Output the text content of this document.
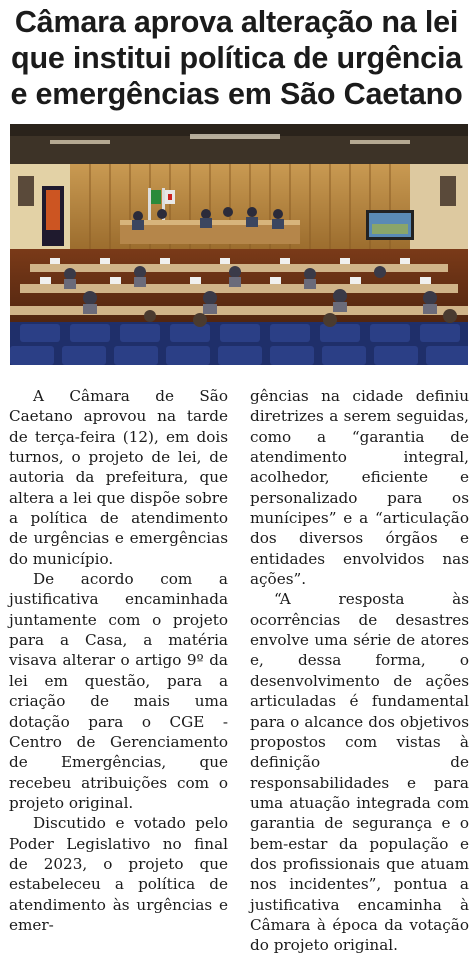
Câmara aprova alteração na lei que institui política de urgência e emergências em São Caetano

A Câmara de São Caetano aprovou na tarde de terça-feira (12), em dois turnos, o projeto de lei, de autoria da prefeitura, que altera a lei que dispõe sobre a política de atendimento de urgências e emergências do município.

De acordo com a justificativa encaminhada juntamente com o projeto para a Casa, a matéria visava alterar o artigo 9º da lei em questão, para a criação de mais uma dotação para o CGE - Centro de Gerenciamento de Emergências, que recebeu atribuições com o projeto original.

Discutido e votado pelo Poder Legislativo no final de 2023, o projeto que estabeleceu a política de atendimento às urgências e emer-

gências na cidade definiu diretrizes a serem seguidas, como a “garantia de atendimento integral, acolhedor, eficiente e personalizado para os munícipes” e a “articulação dos diversos órgãos e entidades envolvidos nas ações”.

“A resposta às ocorrências de desastres envolve uma série de atores e, dessa forma, o desenvolvimento de ações articuladas é fundamental para o alcance dos objetivos propostos com vistas à definição de responsabilidades e para uma atuação integrada com garantia de segurança e o bem-estar da população e dos profissionais que atuam nos incidentes”, pontua a justificativa encaminha à Câmara à época da votação do projeto original.
